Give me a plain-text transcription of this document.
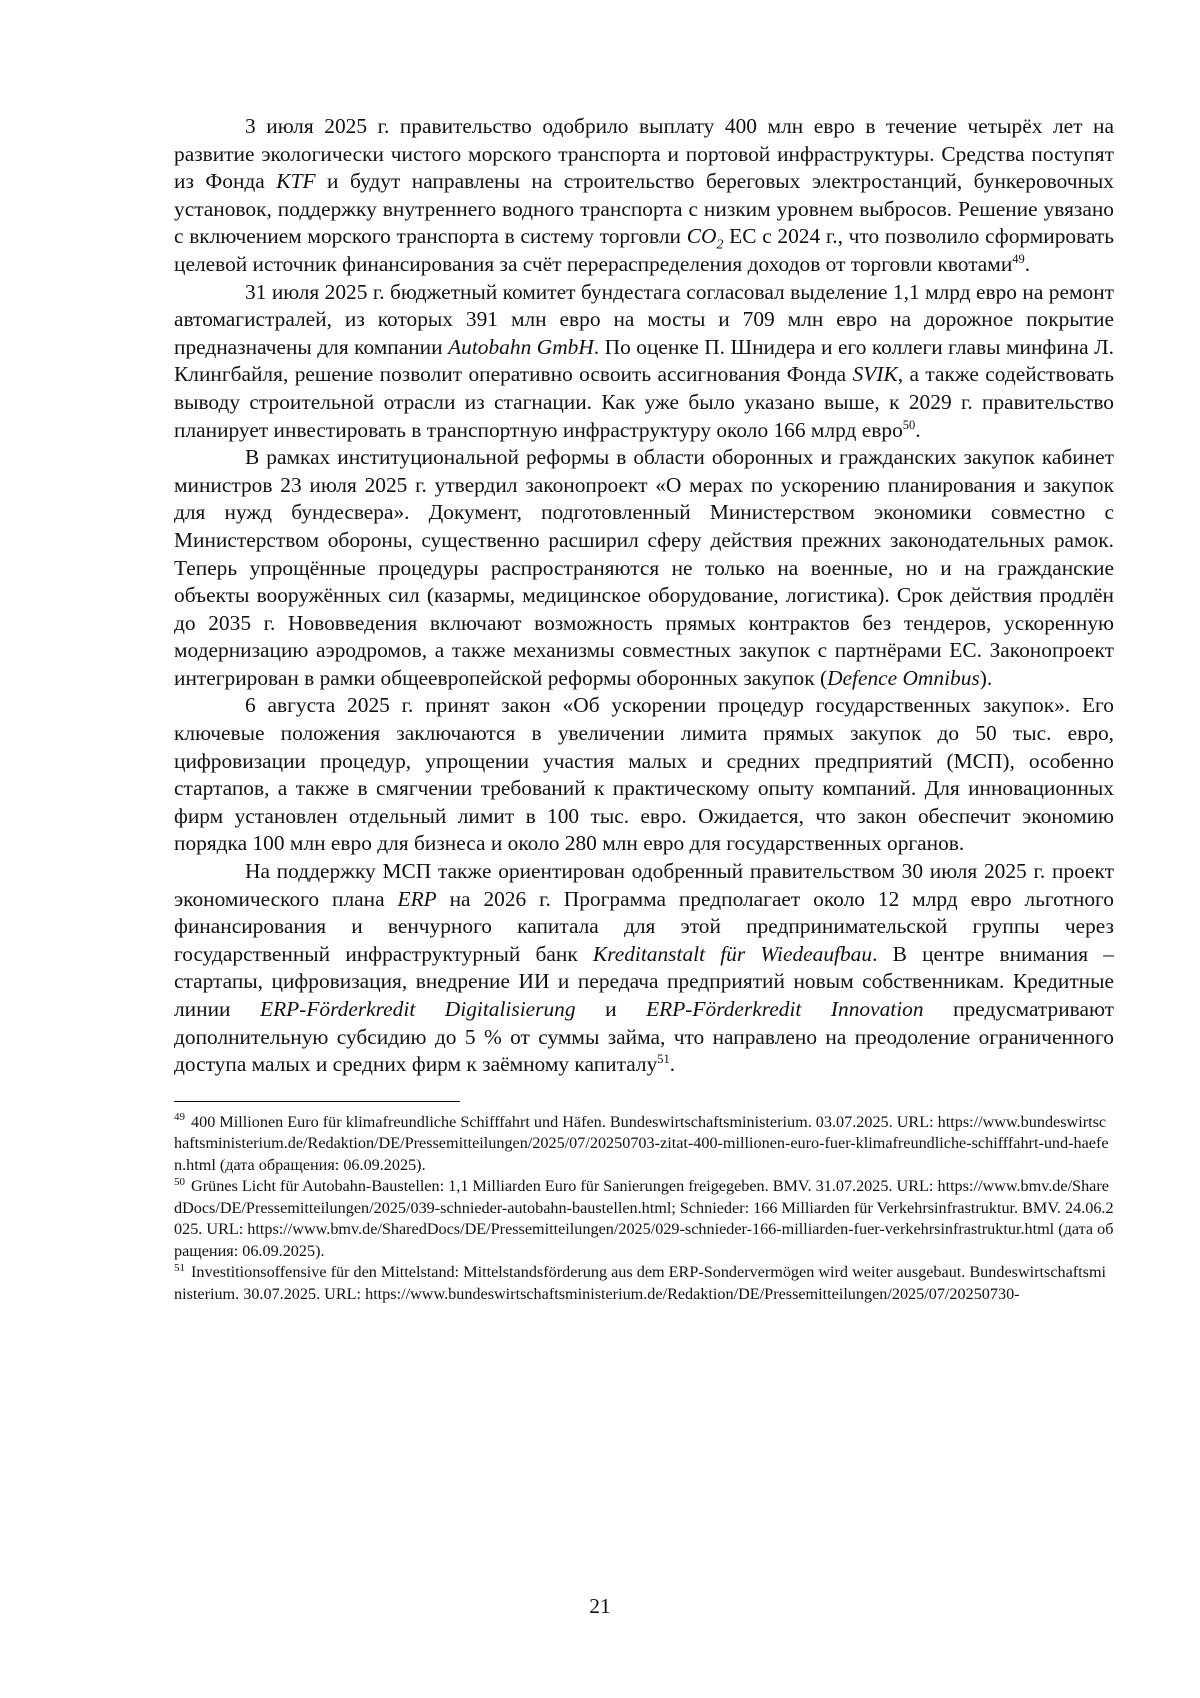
3 июля 2025 г. правительство одобрило выплату 400 млн евро в течение четырёх лет на развитие экологически чистого морского транспорта и портовой инфраструктуры. Средства поступят из Фонда KTF и будут направлены на строительство береговых электростанций, бункеровочных установок, поддержку внутреннего водного транспорта с низким уровнем выбросов. Решение увязано с включением морского транспорта в систему торговли $CO_2$ ЕС с 2024 г., что позволило сформировать целевой источник финансирования за счёт перераспределения доходов от торговли квотами$^{49}$.

31 июля 2025 г. бюджетный комитет бундестага согласовал выделение 1,1 млрд евро на ремонт автомагистралей, из которых 391 млн евро на мосты и 709 млн евро на дорожное покрытие предназначены для компании Autobahn GmbH. По оценке П. Шнидера и его коллеги главы минфина Л. Клингбайля, решение позволит оперативно освоить ассигнования Фонда SVIK, а также содействовать выводу строительной отрасли из стагнации. Как уже было указано выше, к 2029 г. правительство планирует инвестировать в транспортную инфраструктуру около 166 млрд евро$^{50}$.

В рамках институциональной реформы в области оборонных и гражданских закупок кабинет министров 23 июля 2025 г. утвердил законопроект «О мерах по ускорению планирования и закупок для нужд бундесвера». Документ, подготовленный Министерством экономики совместно с Министерством обороны, существенно расширил сферу действия прежних законодательных рамок. Теперь упрощённые процедуры распространяются не только на военные, но и на гражданские объекты вооружённых сил (казармы, медицинское оборудование, логистика). Срок действия продлён до 2035 г. Нововведения включают возможность прямых контрактов без тендеров, ускоренную модернизацию аэродромов, а также механизмы совместных закупок с партнёрами ЕС. Законопроект интегрирован в рамки общеевропейской реформы оборонных закупок (Defence Omnibus).

6 августа 2025 г. принят закон «Об ускорении процедур государственных закупок». Его ключевые положения заключаются в увеличении лимита прямых закупок до 50 тыс. евро, цифровизации процедур, упрощении участия малых и средних предприятий (МСП), особенно стартапов, а также в смягчении требований к практическому опыту компаний. Для инновационных фирм установлен отдельный лимит в 100 тыс. евро. Ожидается, что закон обеспечит экономию порядка 100 млн евро для бизнеса и около 280 млн евро для государственных органов.

На поддержку МСП также ориентирован одобренный правительством 30 июля 2025 г. проект экономического плана ERP на 2026 г. Программа предполагает около 12 млрд евро льготного финансирования и венчурного капитала для этой предпринимательской группы через государственный инфраструктурный банк Kreditanstalt für Wiedeaufbau. В центре внимания – стартапы, цифровизация, внедрение ИИ и передача предприятий новым собственникам. Кредитные линии ERP-Förderkredit Digitalisierung и ERP-Förderkredit Innovation предусматривают дополнительную субсидию до 5 % от суммы займа, что направлено на преодоление ограниченного доступа малых и средних фирм к заёмному капиталу$^{51}$.

$^{49}$ 400 Millionen Euro für klimafreundliche Schifffahrt und Häfen. Bundeswirtschaftsministerium. 03.07.2025. URL: https://www.bundeswirtschaftsministerium.de/Redaktion/DE/Pressemitteilungen/2025/07/20250703-zitat-400-millionen-euro-fuer-klimafreundliche-schifffahrt-und-haefen.html (дата обращения: 06.09.2025).

$^{50}$ Grünes Licht für Autobahn-Baustellen: 1,1 Milliarden Euro für Sanierungen freigegeben. BMV. 31.07.2025. URL: https://www.bmv.de/SharedDocs/DE/Pressemitteilungen/2025/039-schnieder-autobahn-baustellen.html; Schnieder: 166 Milliarden für Verkehrsinfrastruktur. BMV. 24.06.2025. URL: https://www.bmv.de/SharedDocs/DE/Pressemitteilungen/2025/029-schnieder-166-milliarden-fuer-verkehrsinfrastruktur.html (дата обращения: 06.09.2025).

$^{51}$ Investitionsoffensive für den Mittelstand: Mittelstandsförderung aus dem ERP-Sondervermögen wird weiter ausgebaut. Bundeswirtschaftsministerium. 30.07.2025. URL: https://www.bundeswirtschaftsministerium.de/Redaktion/DE/Pressemitteilungen/2025/07/20250730-

21
